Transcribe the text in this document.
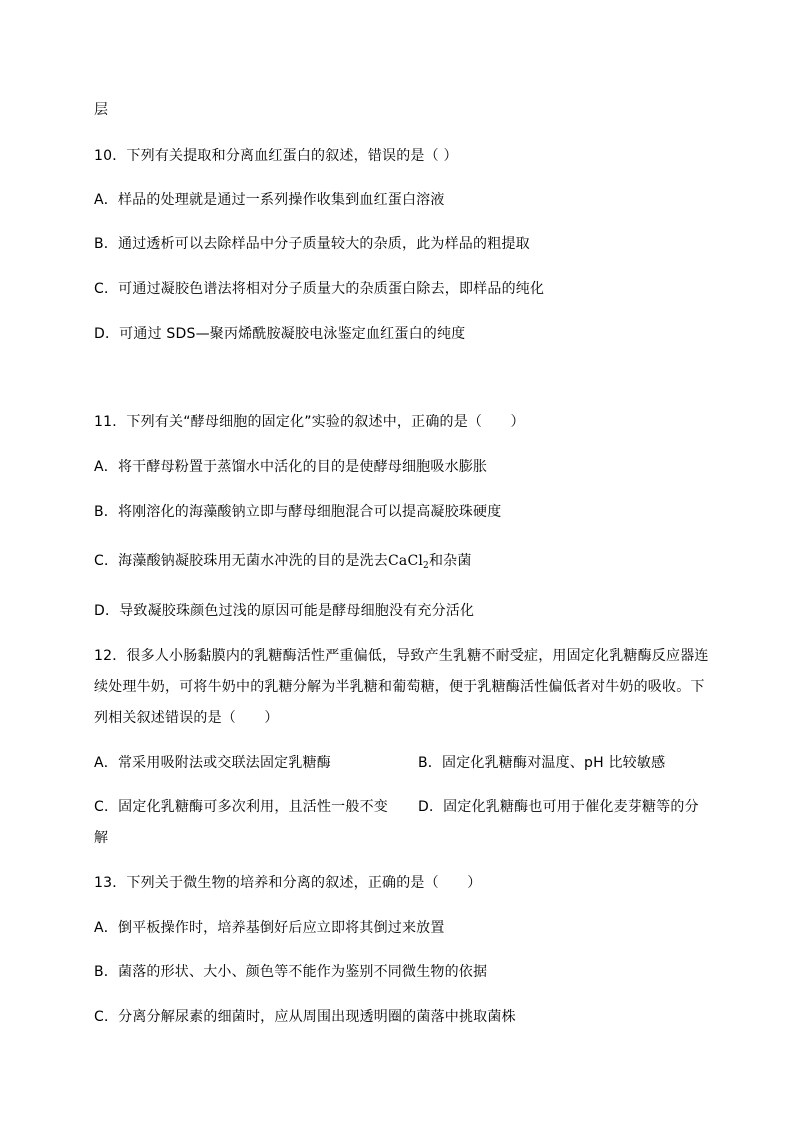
层
10．下列有关提取和分离血红蛋白的叙述，错误的是（ ）
A．样品的处理就是通过一系列操作收集到血红蛋白溶液
B．通过透析可以去除样品中分子质量较大的杂质，此为样品的粗提取
C．可通过凝胶色谱法将相对分子质量大的杂质蛋白除去，即样品的纯化
D．可通过 SDS—聚丙烯酰胺凝胶电泳鉴定血红蛋白的纯度
11．下列有关“酵母细胞的固定化”实验的叙述中，正确的是（　　）
A．将干酵母粉置于蒸馏水中活化的目的是使酵母细胞吸水膨胀
B．将刚溶化的海藻酸钠立即与酵母细胞混合可以提高凝胶珠硬度
C．海藻酸钠凝胶珠用无菌水冲洗的目的是洗去CaCl$_2$和杂菌
D．导致凝胶珠颜色过浅的原因可能是酵母细胞没有充分活化
12．很多人小肠黏膜内的乳糖酶活性严重偏低，导致产生乳糖不耐受症，用固定化乳糖酶反应器连
续处理牛奶，可将牛奶中的乳糖分解为半乳糖和葡萄糖，便于乳糖酶活性偏低者对牛奶的吸收。下
列相关叙述错误的是（　　）
A．常采用吸附法或交联法固定乳糖酶	B．固定化乳糖酶对温度、pH 比较敏感
C．固定化乳糖酶可多次利用，且活性一般不变 D．固定化乳糖酶也可用于催化麦芽糖等的分
解
13．下列关于微生物的培养和分离的叙述，正确的是（　　）
A．倒平板操作时，培养基倒好后应立即将其倒过来放置
B．菌落的形状、大小、颜色等不能作为鉴别不同微生物的依据
C．分离分解尿素的细菌时，应从周围出现透明圈的菌落中挑取菌株
